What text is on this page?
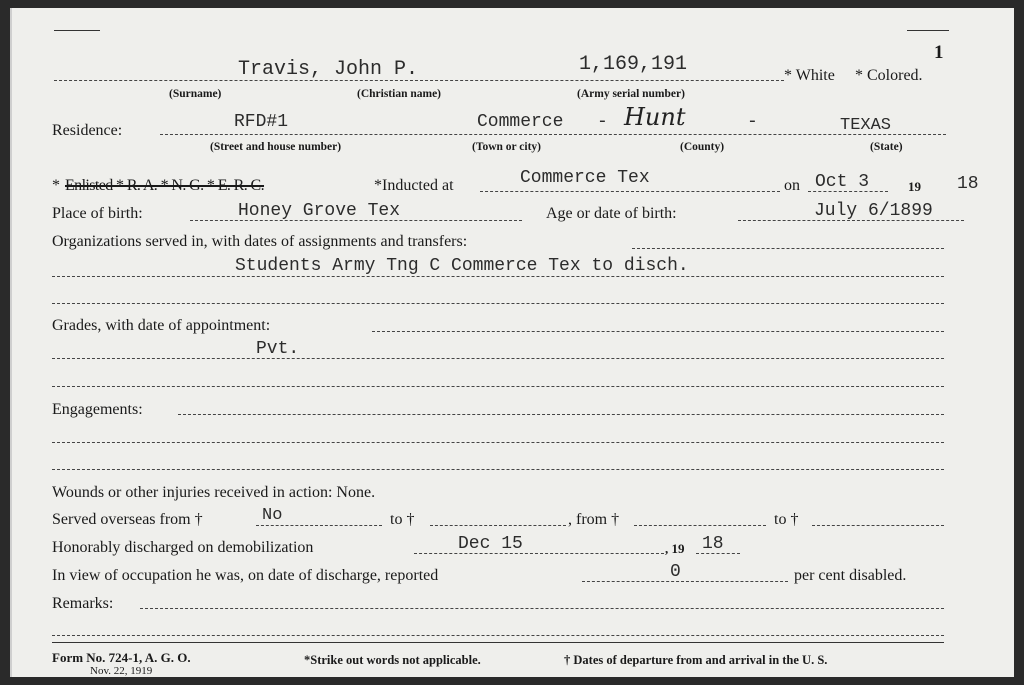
1
Travis, John P.	1,169,191	* White * Colored.
(Surname)	(Christian name)	(Army serial number)
Residence:	RFD#1	Commerce - Hunt	-	TEXAS
(Street and house number)	(Town or city)	(County)	(State)
* Enlisted * R. A. * N. G. * E. R. C.	*Inducted at	Commerce Tex	on Oct 3	19 18
Place of birth:	Honey Grove Tex	Age or date of birth:	July 6/1899
Organizations served in, with dates of assignments and transfers:
Students Army Tng C Commerce Tex to disch.
Grades, with date of appointment:
Pvt.
Engagements:
Wounds or other injuries received in action: None.
Served overseas from †	No	to †	, from †	to †
Honorably discharged on demobilization	Dec 15	, 19 18
In view of occupation he was, on date of discharge, reported	0	per cent disabled.
Remarks:
Form No. 724-1, A. G. O.
Nov. 22, 1919
*Strike out words not applicable.	† Dates of departure from and arrival in the U. S.
